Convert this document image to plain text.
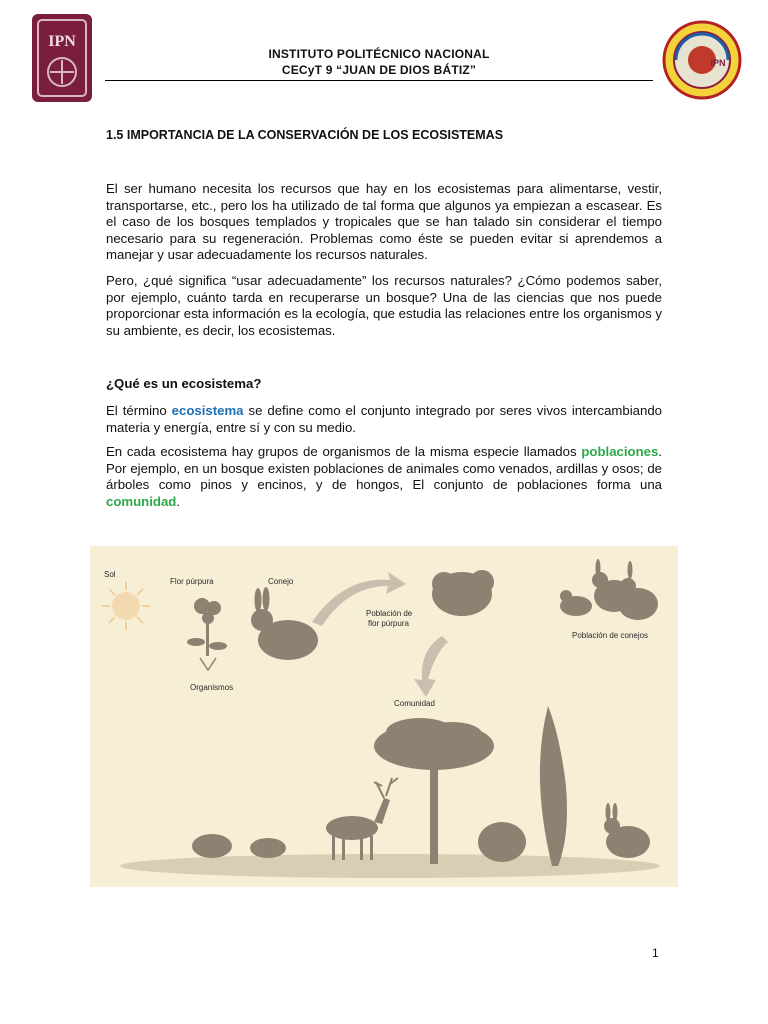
IPN
IPN
INSTITUTO POLITÉCNICO NACIONAL
CECyT 9 “JUAN DE DIOS BÁTIZ”
1.5 IMPORTANCIA DE LA CONSERVACIÓN DE LOS ECOSISTEMAS

El ser humano necesita los recursos que hay en los ecosistemas para alimentarse, vestir, transportarse, etc., pero los ha utilizado de tal forma que algunos ya empiezan a escasear. Es el caso de los bosques templados y tropicales que se han talado sin considerar el tiempo necesario para su regeneración. Problemas como éste se pueden evitar si aprendemos a manejar y usar adecuadamente los recursos naturales.

Pero, ¿qué significa “usar adecuadamente” los recursos naturales? ¿Cómo podemos saber, por ejemplo, cuánto tarda en recuperarse un bosque? Una de las ciencias que nos puede proporcionar esta información es la ecología, que estudia las relaciones entre los organismos y su ambiente, es decir, los ecosistemas.

¿Qué es un ecosistema?

El término ecosistema se define como el conjunto integrado por seres vivos intercambiando materia y energía, entre sí y con su medio.

En cada ecosistema hay grupos de organismos de la misma especie llamados poblaciones. Por ejemplo, en un bosque existen poblaciones de animales como venados, ardillas y osos; de árboles como pinos y encinos, y de hongos, El conjunto de poblaciones forma una comunidad.

Sol
Flor púrpura
Organismos
Conejo
Población de
flor púrpura
Población de conejos
Comunidad
1
